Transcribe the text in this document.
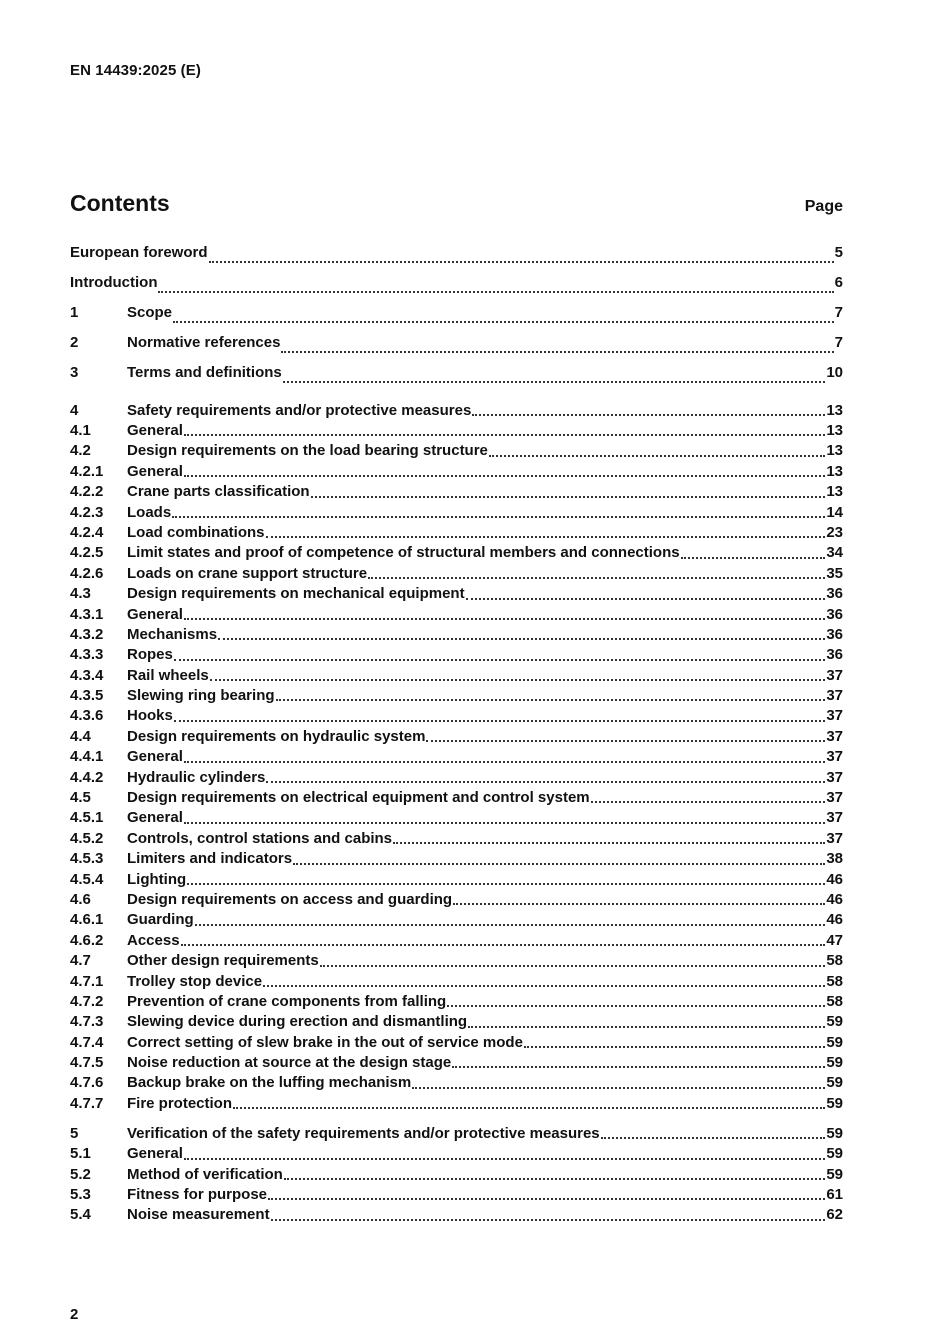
EN 14439:2025 (E)
Contents	Page
European foreword	5
Introduction	6
1	Scope	7
2	Normative references	7
3	Terms and definitions	10
4	Safety requirements and/or protective measures	13
4.1	General	13
4.2	Design requirements on the load bearing structure	13
4.2.1	General	13
4.2.2	Crane parts classification	13
4.2.3	Loads	14
4.2.4	Load combinations	23
4.2.5	Limit states and proof of competence of structural members and connections	34
4.2.6	Loads on crane support structure	35
4.3	Design requirements on mechanical equipment	36
4.3.1	General	36
4.3.2	Mechanisms	36
4.3.3	Ropes	36
4.3.4	Rail wheels	37
4.3.5	Slewing ring bearing	37
4.3.6	Hooks	37
4.4	Design requirements on hydraulic system	37
4.4.1	General	37
4.4.2	Hydraulic cylinders	37
4.5	Design requirements on electrical equipment and control system	37
4.5.1	General	37
4.5.2	Controls, control stations and cabins	37
4.5.3	Limiters and indicators	38
4.5.4	Lighting	46
4.6	Design requirements on access and guarding	46
4.6.1	Guarding	46
4.6.2	Access	47
4.7	Other design requirements	58
4.7.1	Trolley stop device	58
4.7.2	Prevention of crane components from falling	58
4.7.3	Slewing device during erection and dismantling	59
4.7.4	Correct setting of slew brake in the out of service mode	59
4.7.5	Noise reduction at source at the design stage	59
4.7.6	Backup brake on the luffing mechanism	59
4.7.7	Fire protection	59
5	Verification of the safety requirements and/or protective measures	59
5.1	General	59
5.2	Method of verification	59
5.3	Fitness for purpose	61
5.4	Noise measurement	62
2
